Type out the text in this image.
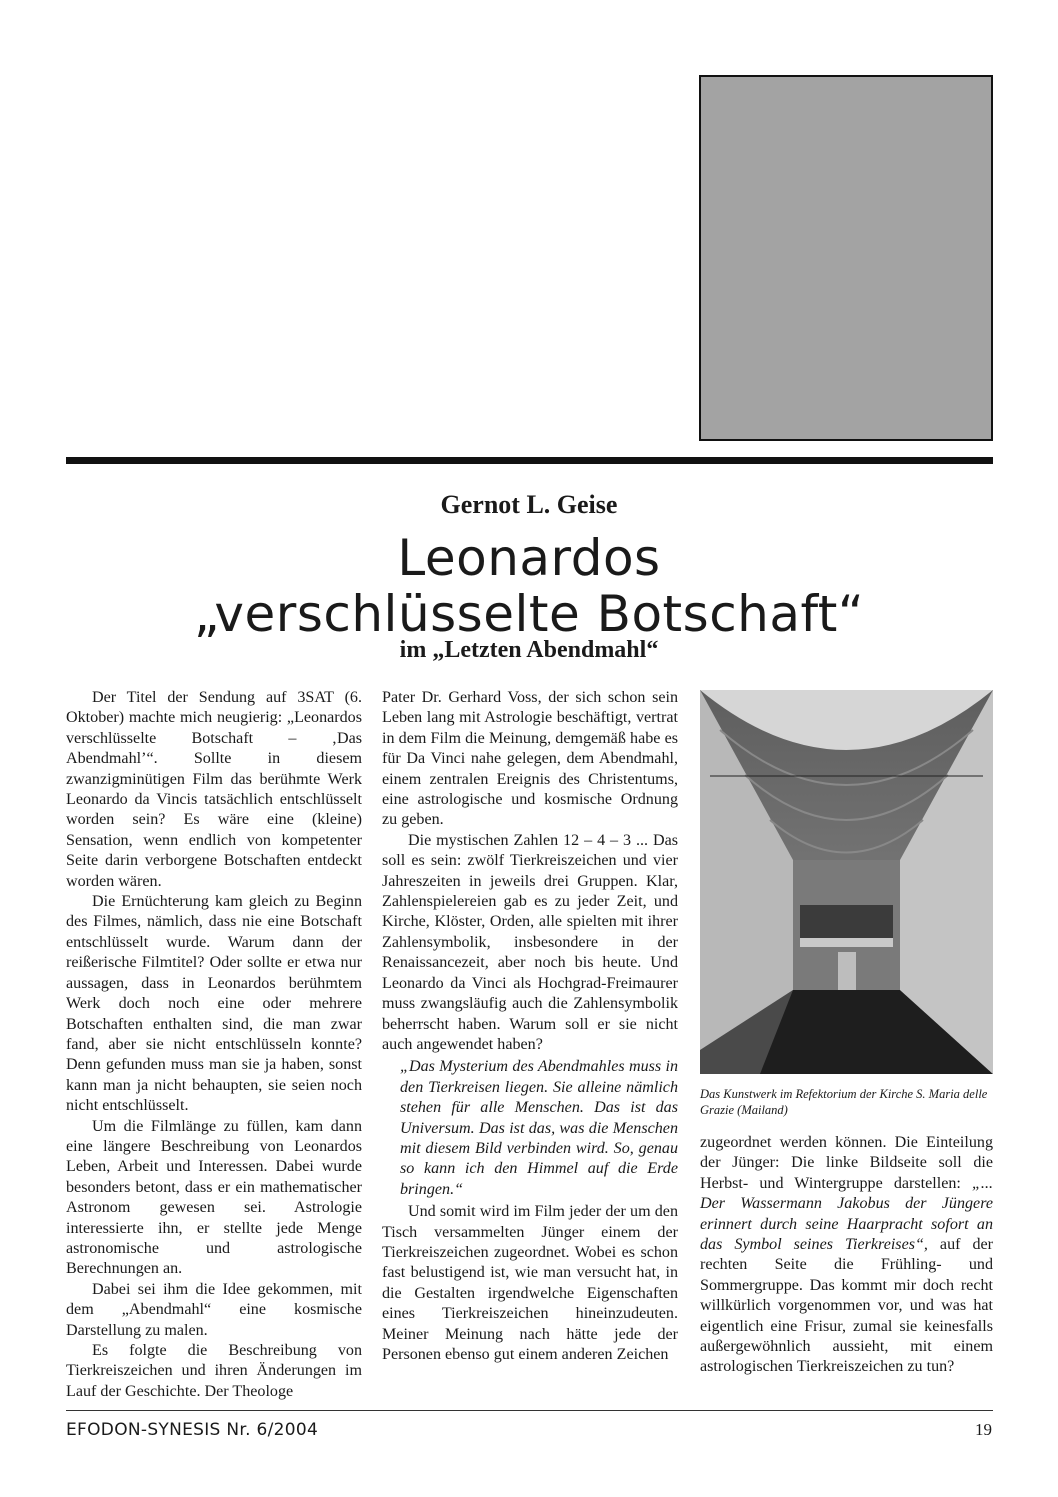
Gernot L. Geise
Leonardos
„verschlüsselte Botschaft“
im „Letzten Abendmahl“

Der Titel der Sendung auf 3SAT (6. Oktober) machte mich neugierig: „Leonardos verschlüsselte Botschaft – ‚Das Abendmahl’“. Sollte in diesem zwanzigminütigen Film das berühmte Werk Leonardo da Vincis tatsächlich entschlüsselt worden sein? Es wäre eine (kleine) Sensation, wenn endlich von kompetenter Seite darin verborgene Botschaften entdeckt worden wären.

Die Ernüchterung kam gleich zu Beginn des Filmes, nämlich, dass nie eine Botschaft entschlüsselt wurde. Warum dann der reißerische Filmtitel? Oder sollte er etwa nur aussagen, dass in Leonardos berühmtem Werk doch noch eine oder mehrere Botschaften enthalten sind, die man zwar fand, aber sie nicht entschlüsseln konnte? Denn gefunden muss man sie ja haben, sonst kann man ja nicht behaupten, sie seien noch nicht entschlüsselt.

Um die Filmlänge zu füllen, kam dann eine längere Beschreibung von Leonardos Leben, Arbeit und Interessen. Dabei wurde besonders betont, dass er ein mathematischer Astronom gewesen sei. Astrologie interessierte ihn, er stellte jede Menge astronomische und astrologische Berechnungen an.

Dabei sei ihm die Idee gekommen, mit dem „Abendmahl“ eine kosmische Darstellung zu malen.

Es folgte die Beschreibung von Tierkreiszeichen und ihren Änderungen im Lauf der Geschichte. Der Theologe

Pater Dr. Gerhard Voss, der sich schon sein Leben lang mit Astrologie beschäftigt, vertrat in dem Film die Meinung, demgemäß habe es für Da Vinci nahe gelegen, dem Abendmahl, einem zentralen Ereignis des Christentums, eine astrologische und kosmische Ordnung zu geben.

Die mystischen Zahlen 12 – 4 – 3 ... Das soll es sein: zwölf Tierkreiszeichen und vier Jahreszeiten in jeweils drei Gruppen. Klar, Zahlenspielereien gab es zu jeder Zeit, und Kirche, Klöster, Orden, alle spielten mit ihrer Zahlensymbolik, insbesondere in der Renaissancezeit, aber noch bis heute. Und Leonardo da Vinci als Hochgrad-Freimaurer muss zwangsläufig auch die Zahlensymbolik beherrscht haben. Warum soll er sie nicht auch angewendet haben?

„Das Mysterium des Abendmahles muss in den Tierkreisen liegen. Sie alleine nämlich stehen für alle Menschen. Das ist das Universum. Das ist das, was die Menschen mit diesem Bild verbinden wird. So, genau so kann ich den Himmel auf die Erde bringen.“

Und somit wird im Film jeder der um den Tisch versammelten Jünger einem der Tierkreiszeichen zugeordnet. Wobei es schon fast belustigend ist, wie man versucht hat, in die Gestalten irgendwelche Eigenschaften eines Tierkreiszeichen hineinzudeuten. Meiner Meinung nach hätte jede der Personen ebenso gut einem anderen Zeichen

Das Kunstwerk im Refektorium der Kirche S. Maria delle Grazie (Mailand)

zugeordnet werden können. Die Einteilung der Jünger: Die linke Bildseite soll die Herbst- und Wintergruppe darstellen: „... Der Wassermann Jakobus der Jüngere erinnert durch seine Haarpracht sofort an das Symbol seines Tierkreises“, auf der rechten Seite die Frühling- und Sommergruppe. Das kommt mir doch recht willkürlich vorgenommen vor, und was hat eigentlich eine Frisur, zumal sie keinesfalls außergewöhnlich aussieht, mit einem astrologischen Tierkreiszeichen zu tun?

EFODON-SYNESIS Nr. 6/2004	19
